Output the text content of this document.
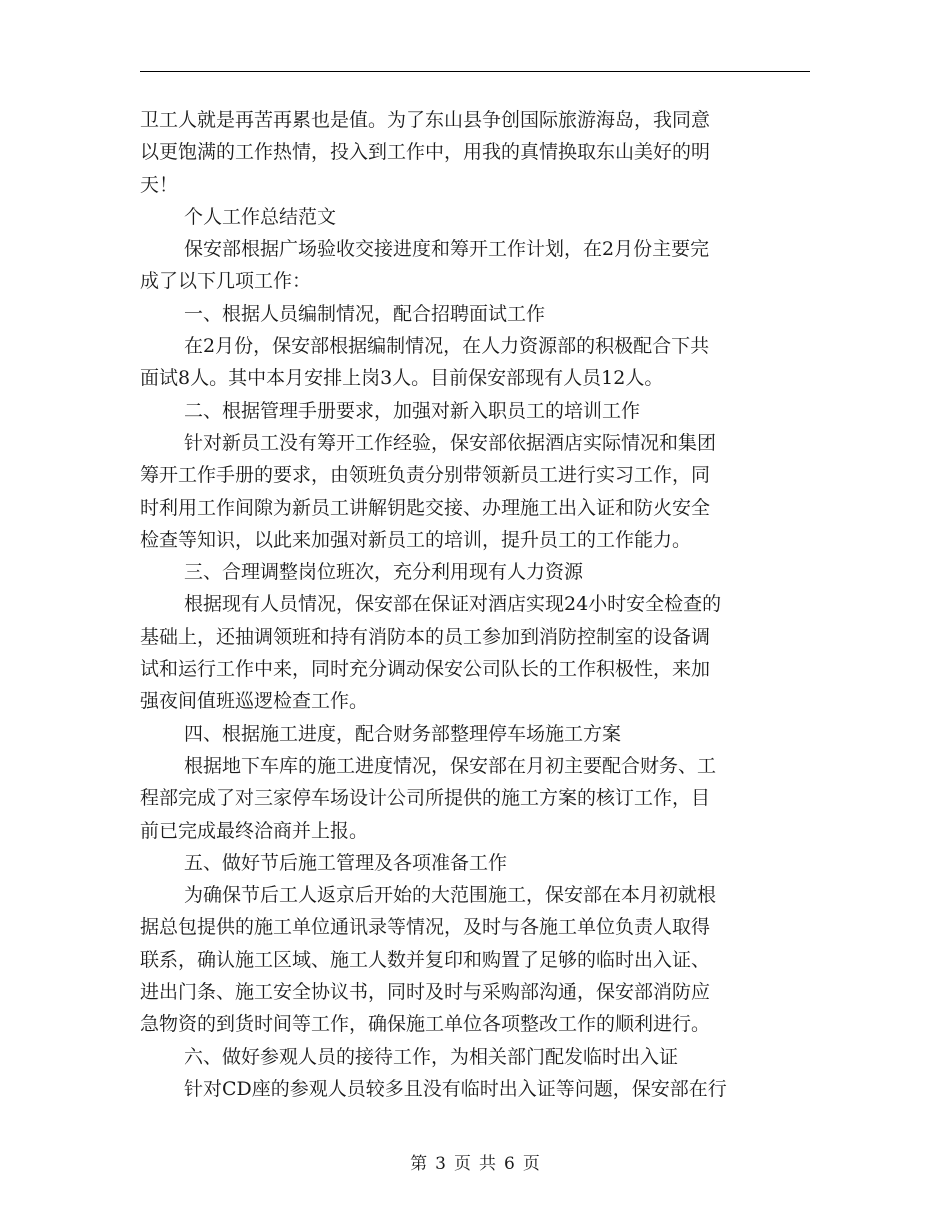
卫工人就是再苦再累也是值。为了东山县争创国际旅游海岛，我同意
以更饱满的工作热情，投入到工作中，用我的真情换取东山美好的明
天！
个人工作总结范文
保安部根据广场验收交接进度和筹开工作计划，在2月份主要完
成了以下几项工作：
一、根据人员编制情况，配合招聘面试工作
在2月份，保安部根据编制情况，在人力资源部的积极配合下共
面试8人。其中本月安排上岗3人。目前保安部现有人员12人。
二、根据管理手册要求，加强对新入职员工的培训工作
针对新员工没有筹开工作经验，保安部依据酒店实际情况和集团
筹开工作手册的要求，由领班负责分别带领新员工进行实习工作，同
时利用工作间隙为新员工讲解钥匙交接、办理施工出入证和防火安全
检查等知识，以此来加强对新员工的培训，提升员工的工作能力。
三、合理调整岗位班次，充分利用现有人力资源
根据现有人员情况，保安部在保证对酒店实现24小时安全检查的
基础上，还抽调领班和持有消防本的员工参加到消防控制室的设备调
试和运行工作中来，同时充分调动保安公司队长的工作积极性，来加
强夜间值班巡逻检查工作。
四、根据施工进度，配合财务部整理停车场施工方案
根据地下车库的施工进度情况，保安部在月初主要配合财务、工
程部完成了对三家停车场设计公司所提供的施工方案的核订工作，目
前已完成最终洽商并上报。
五、做好节后施工管理及各项准备工作
为确保节后工人返京后开始的大范围施工，保安部在本月初就根
据总包提供的施工单位通讯录等情况，及时与各施工单位负责人取得
联系，确认施工区域、施工人数并复印和购置了足够的临时出入证、
进出门条、施工安全协议书，同时及时与采购部沟通，保安部消防应
急物资的到货时间等工作，确保施工单位各项整改工作的顺利进行。
六、做好参观人员的接待工作，为相关部门配发临时出入证
针对CD座的参观人员较多且没有临时出入证等问题，保安部在行
第 3 页 共 6 页
